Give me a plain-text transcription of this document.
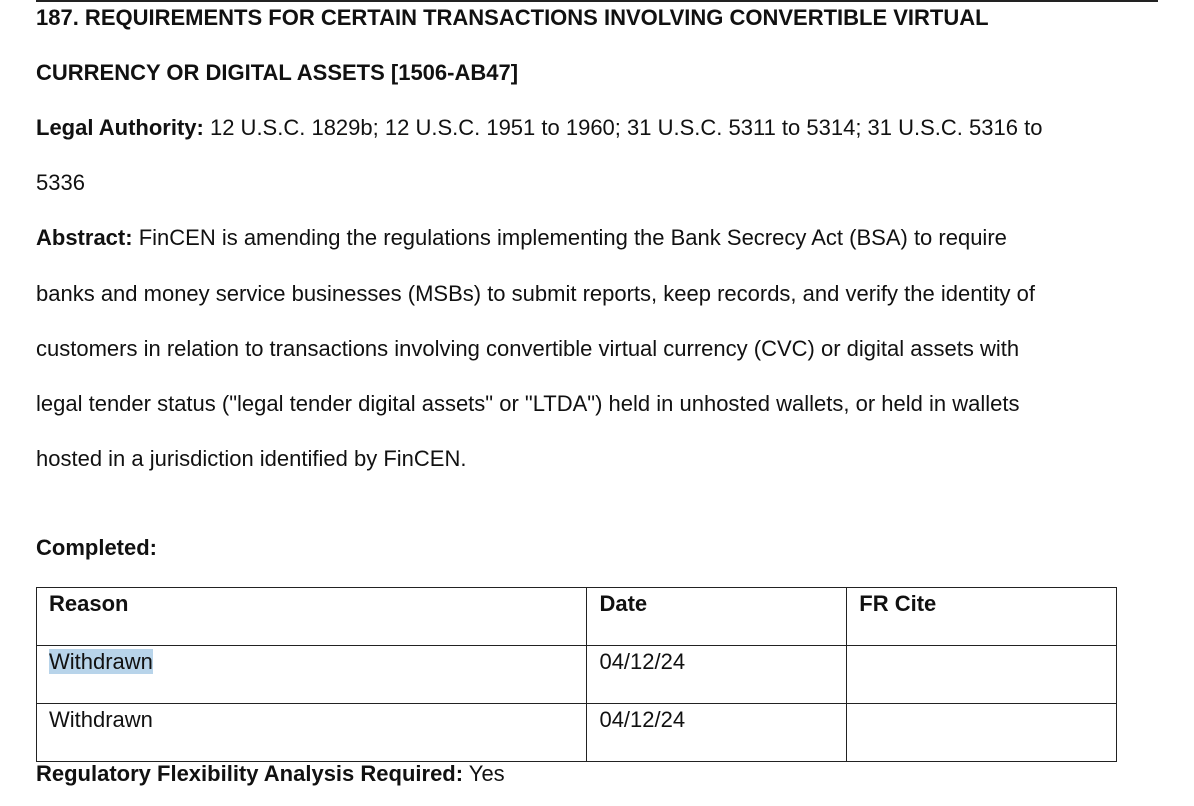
187. REQUIREMENTS FOR CERTAIN TRANSACTIONS INVOLVING CONVERTIBLE VIRTUAL
CURRENCY OR DIGITAL ASSETS [1506-AB47]
Legal Authority: 12 U.S.C. 1829b; 12 U.S.C. 1951 to 1960; 31 U.S.C. 5311 to 5314; 31 U.S.C. 5316 to
5336
Abstract: FinCEN is amending the regulations implementing the Bank Secrecy Act (BSA) to require
banks and money service businesses (MSBs) to submit reports, keep records, and verify the identity of
customers in relation to transactions involving convertible virtual currency (CVC) or digital assets with
legal tender status ("legal tender digital assets" or "LTDA") held in unhosted wallets, or held in wallets
hosted in a jurisdiction identified by FinCEN.
Completed:
Reason	Date	FR Cite
Withdrawn	04/12/24	
Withdrawn	04/12/24	
Regulatory Flexibility Analysis Required: Yes
